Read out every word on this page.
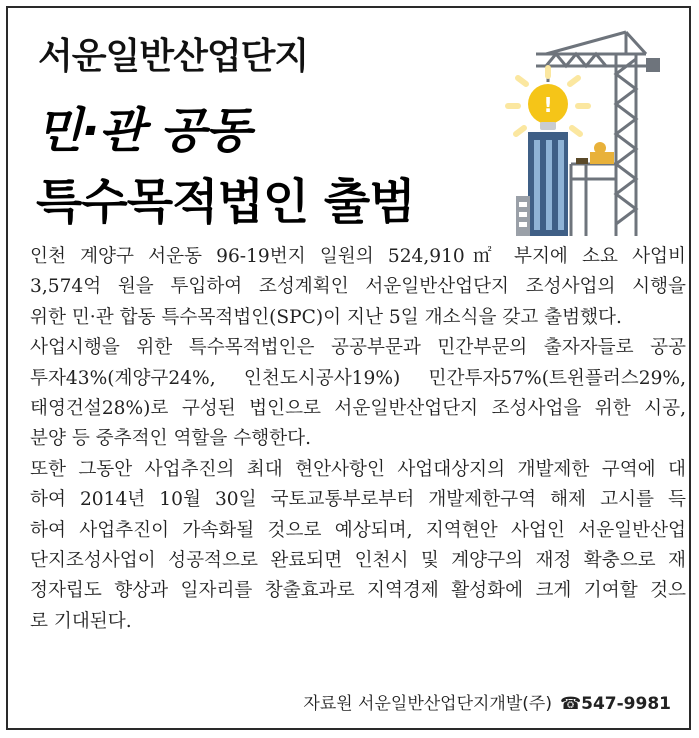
서운일반산업단지
민·관 공동
특수목적법인 출범
!
인천 계양구 서운동 96-19번지 일원의 524,910㎡ 부지에 소요 사업비
3,574억 원을 투입하여 조성계획인 서운일반산업단지 조성사업의 시행을
위한 민·관 합동 특수목적법인(SPC)이 지난 5일 개소식을 갖고 출범했다.
사업시행을 위한 특수목적법인은 공공부문과 민간부문의 출자자들로 공공
투자43%(계양구24%, 인천도시공사19%) 민간투자57%(트윈플러스29%,
태영건설28%)로 구성된 법인으로 서운일반산업단지 조성사업을 위한 시공,
분양 등 중추적인 역할을 수행한다.
또한 그동안 사업추진의 최대 현안사항인 사업대상지의 개발제한 구역에 대
하여 2014년 10월 30일 국토교통부로부터 개발제한구역 해제 고시를 득
하여 사업추진이 가속화될 것으로 예상되며, 지역현안 사업인 서운일반산업
단지조성사업이 성공적으로 완료되면 인천시 및 계양구의 재정 확충으로 재
정자립도 향상과 일자리를 창출효과로 지역경제 활성화에 크게 기여할 것으
로 기대된다.
자료원 서운일반산업단지개발(주) ☎547-9981
